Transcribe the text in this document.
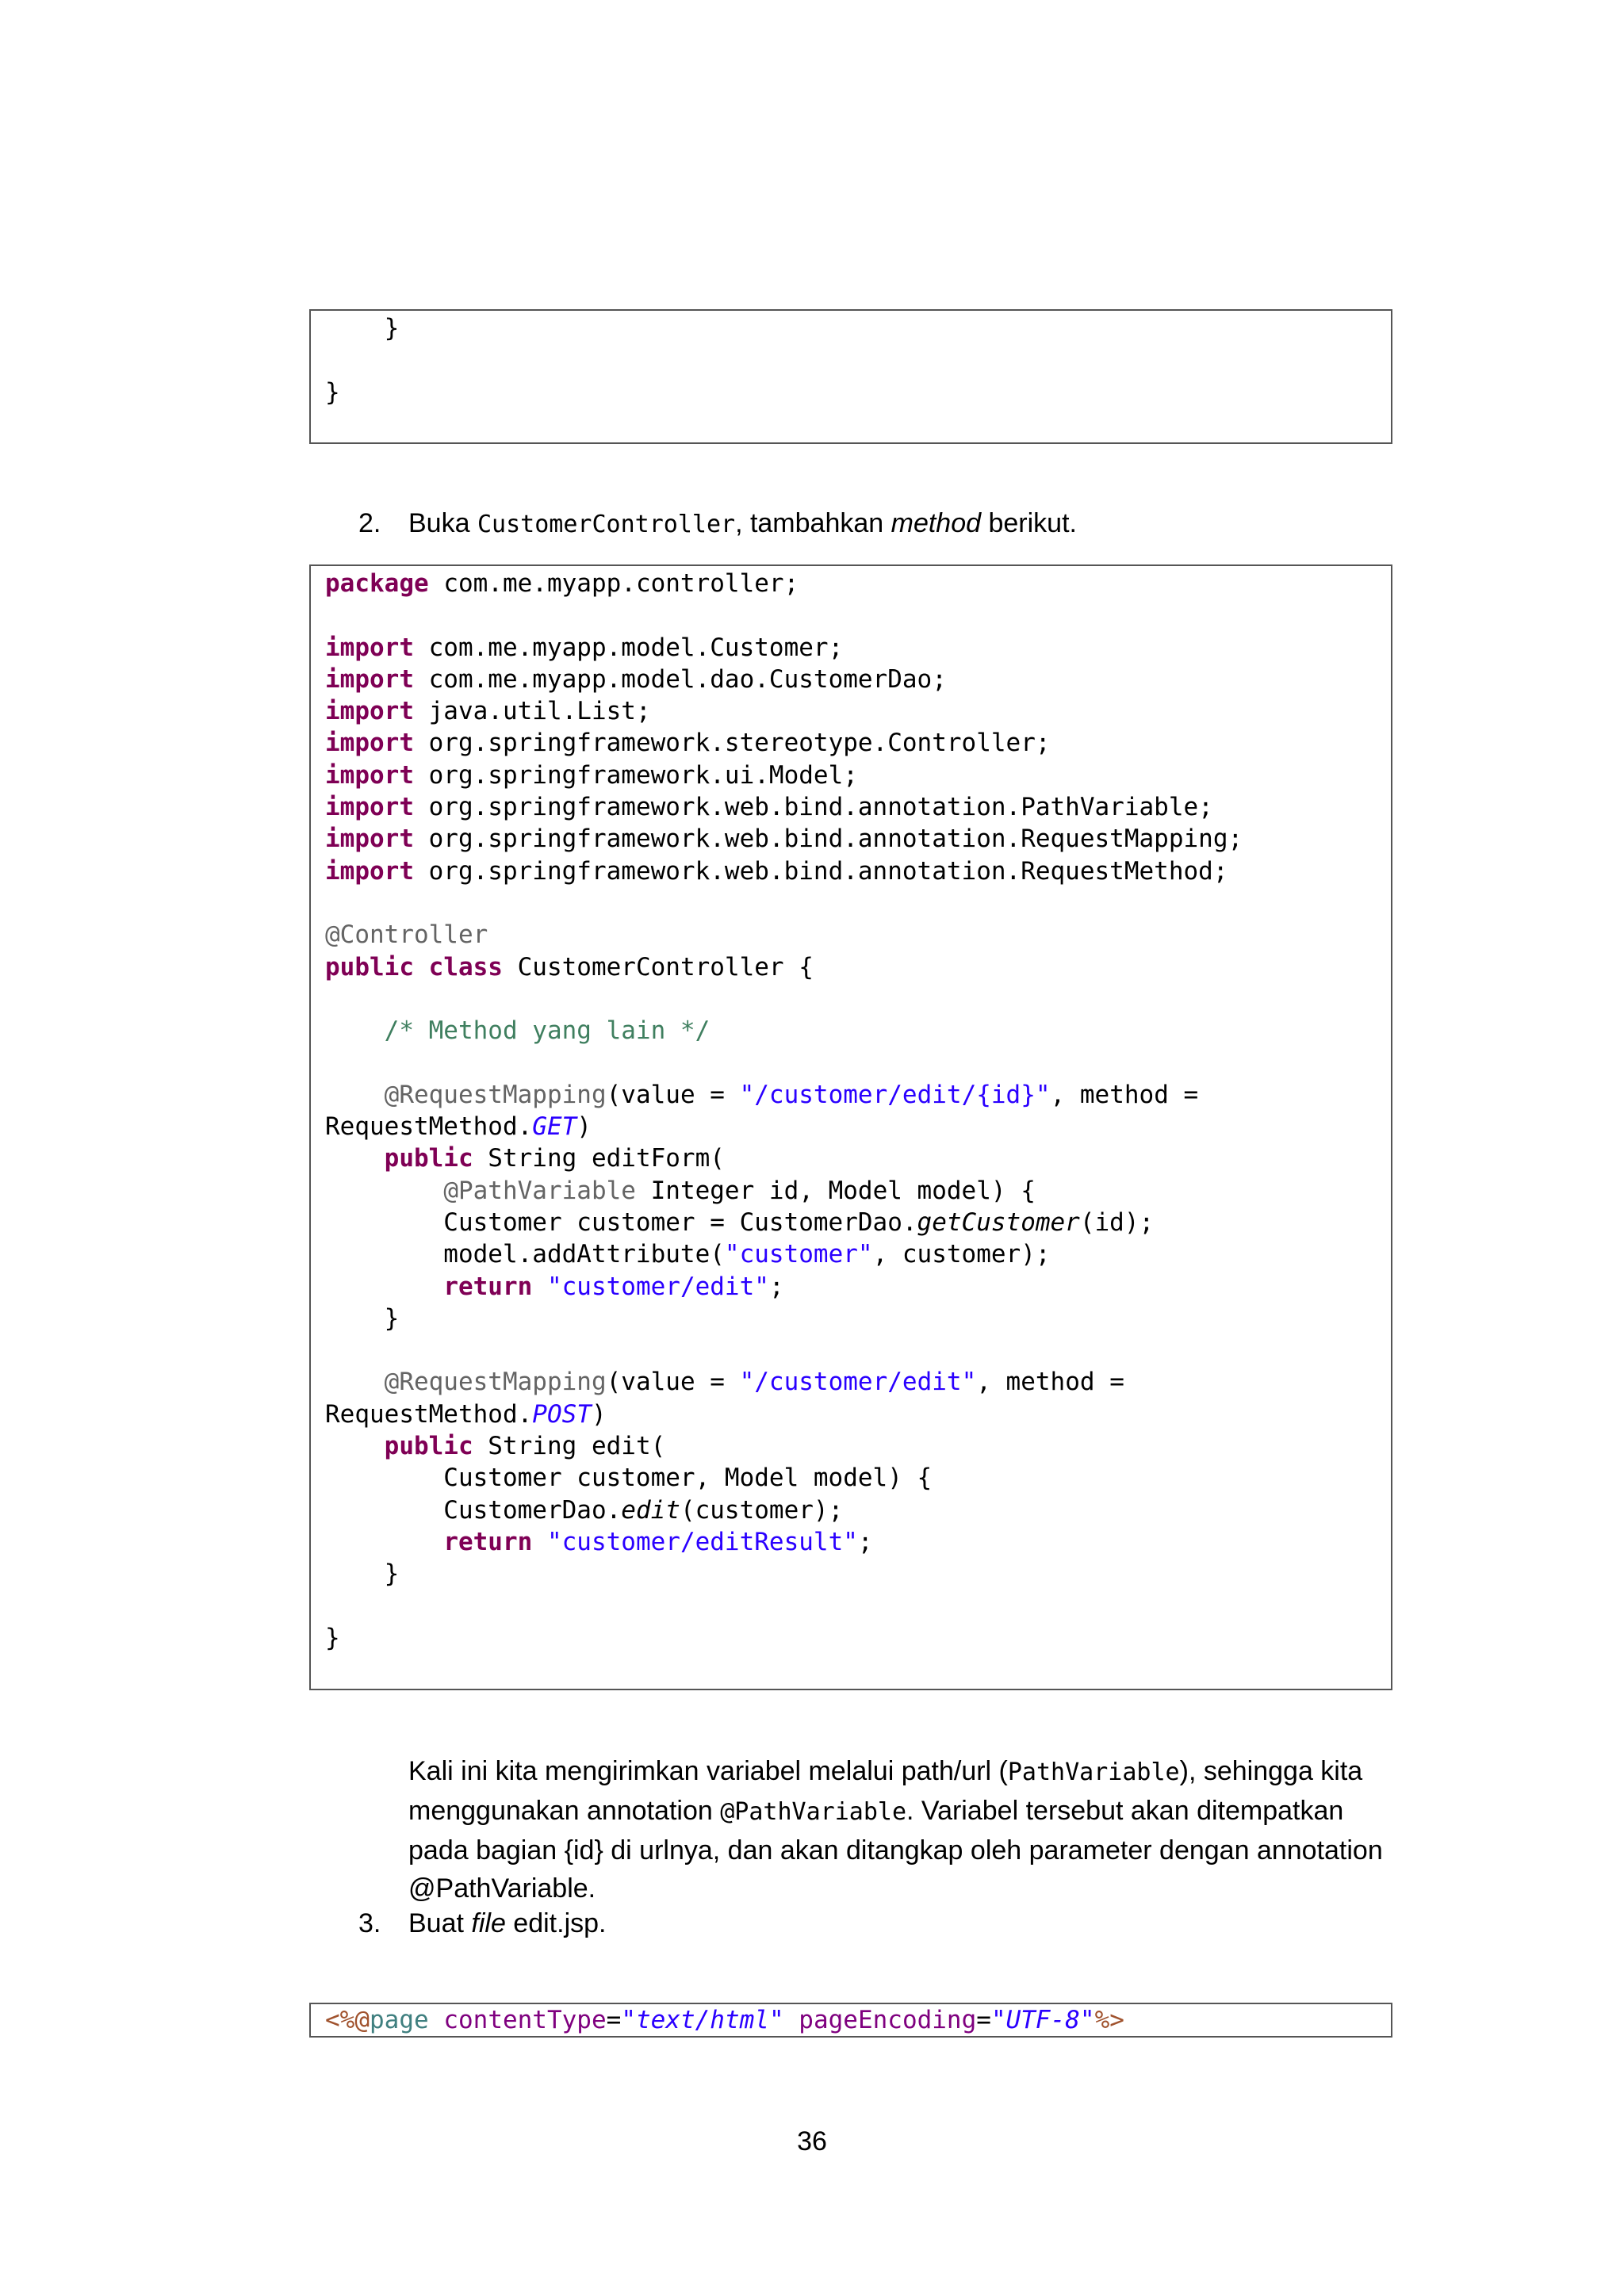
}

}
2. Buka CustomerController, tambahkan method berikut.
package com.me.myapp.controller;

import com.me.myapp.model.Customer;
import com.me.myapp.model.dao.CustomerDao;
import java.util.List;
import org.springframework.stereotype.Controller;
import org.springframework.ui.Model;
import org.springframework.web.bind.annotation.PathVariable;
import org.springframework.web.bind.annotation.RequestMapping;
import org.springframework.web.bind.annotation.RequestMethod;

@Controller
public class CustomerController {

/* Method yang lain */

@RequestMapping(value = "/customer/edit/{id}", method =
RequestMethod.GET)
public String editForm(
@PathVariable Integer id, Model model) {
Customer customer = CustomerDao.getCustomer(id);
model.addAttribute("customer", customer);
return "customer/edit";
}

@RequestMapping(value = "/customer/edit", method =
RequestMethod.POST)
public String edit(
Customer customer, Model model) {
CustomerDao.edit(customer);
return "customer/editResult";
}

}

Kali ini kita mengirimkan variabel melalui path/url (PathVariable), sehingga kita menggunakan annotation @PathVariable. Variabel tersebut akan ditempatkan pada bagian {id} di urlnya, dan akan ditangkap oleh parameter dengan annotation @PathVariable.

3. Buat file edit.jsp.
<%@page contentType="text/html" pageEncoding="UTF-8"%>
36
